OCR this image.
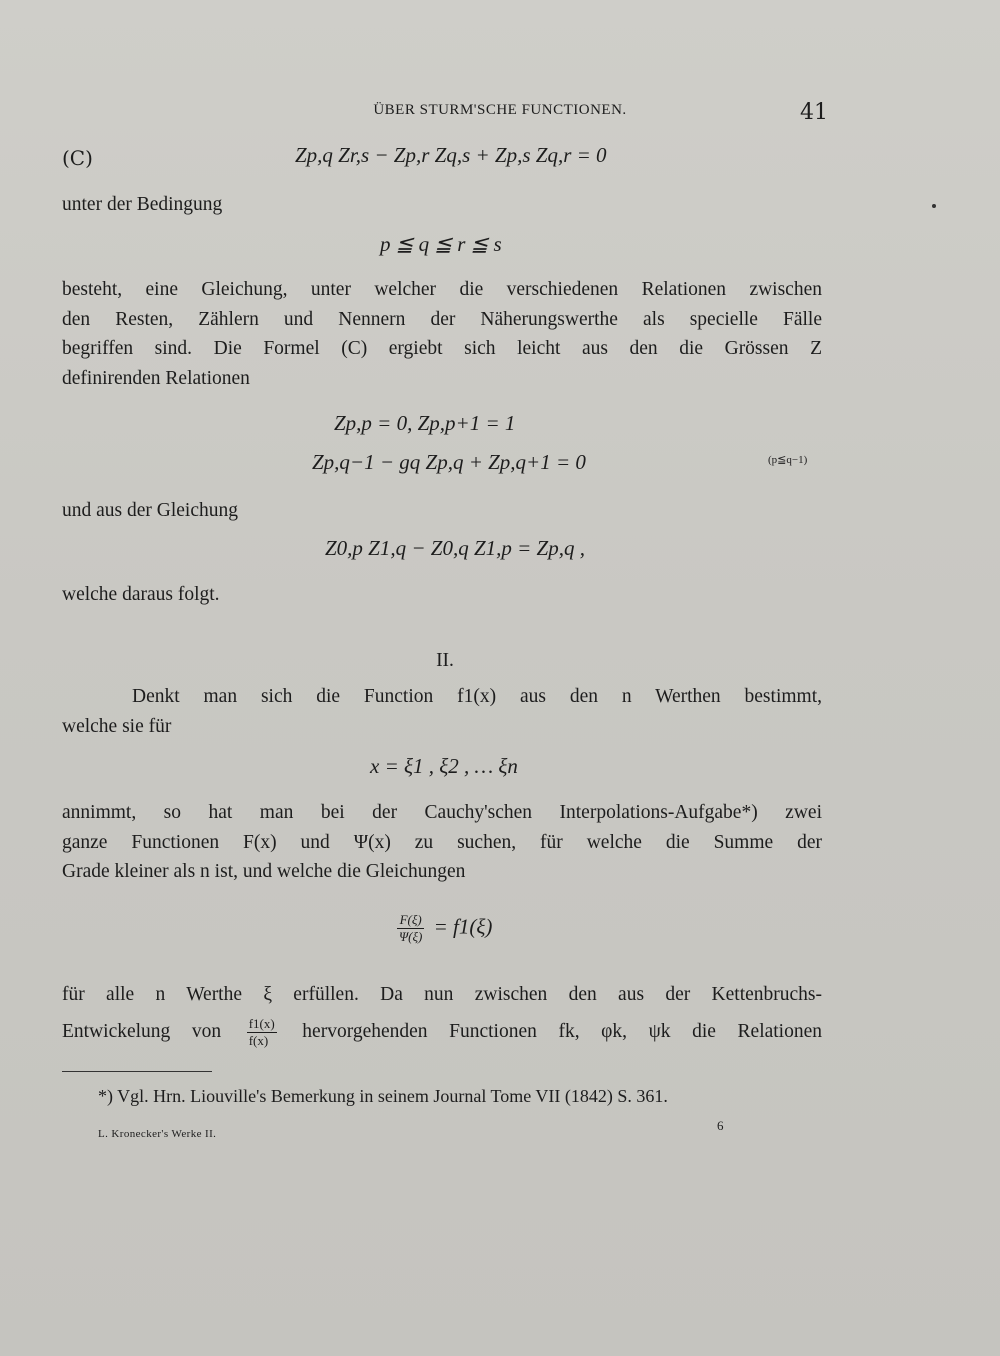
ÜBER STURM'SCHE FUNCTIONEN.	41
(C)	Zp,q Zr,s − Zp,r Zq,s + Zp,s Zq,r = 0
unter der Bedingung
p ≦ q ≦ r ≦ s
besteht, eine Gleichung, unter welcher die verschiedenen Relationen zwischen
den Resten, Zählern und Nennern der Näherungswerthe als specielle Fälle
begriffen sind. Die Formel (C) ergiebt sich leicht aus den die Grössen Z
definirenden Relationen
Zp,p = 0, Zp,p+1 = 1
Zp,q−1 − gq Zp,q + Zp,q+1 = 0	(p≦q−1)
und aus der Gleichung
Z0,p Z1,q − Z0,q Z1,p = Zp,q ,
welche daraus folgt.
II.
Denkt man sich die Function f1(x) aus den n Werthen bestimmt,
welche sie für
x = ξ1 , ξ2 , … ξn
annimmt, so hat man bei der Cauchy'schen Interpolations-Aufgabe*) zwei
ganze Functionen F(x) und Ψ(x) zu suchen, für welche die Summe der
Grade kleiner als n ist, und welche die Gleichungen
$\frac{F(\xi)}{\Psi(\xi)} = f1(\xi)$
für alle n Werthe ξ erfüllen. Da nun zwischen den aus der Kettenbruchs-
Entwickelung von $\frac{f1(x)}{f(x)}$ hervorgehenden Functionen fk, φk, ψk die Relationen
*) Vgl. Hrn. Liouville's Bemerkung in seinem Journal Tome VII (1842) S. 361.
L. Kronecker's Werke II.
6
